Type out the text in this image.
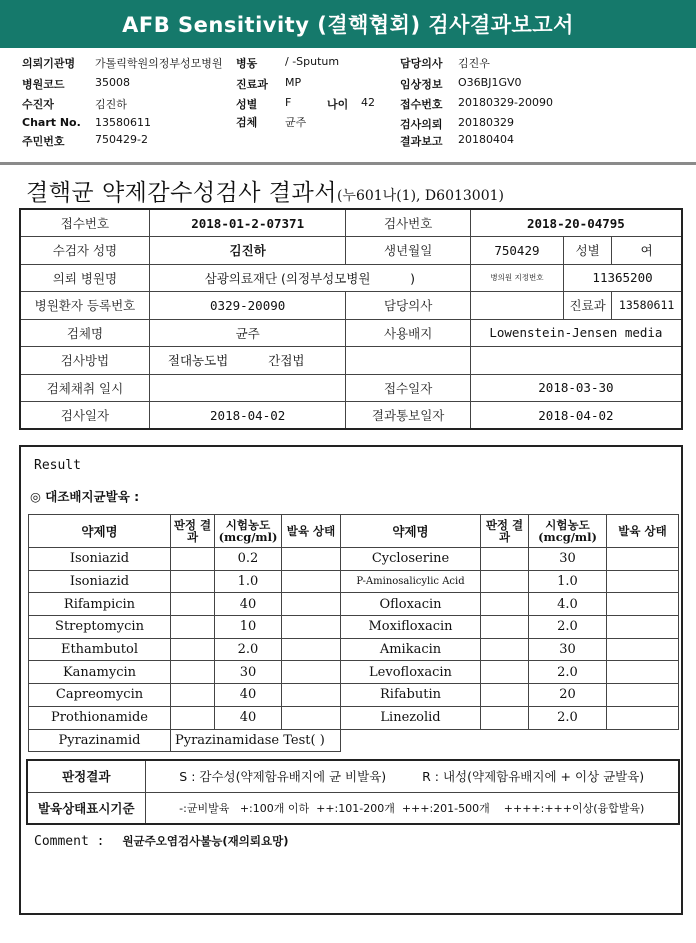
AFB Sensitivity (결핵협회) 검사결과보고서
의뢰기관명 가톨릭학원의정부성모병원 병동	/ -Sputum	담당의사 김진우
병원코드	35008	진료과 MP	임상정보 O36BJ1GV0
수진자	김진하	성별	F	나이 42 접수번호 20180329-20090
Chart No. 13580611	검체	균주	검사의뢰 20180329
주민번호	750429-2	결과보고 20180404
결핵균 약제감수성검사 결과서(누601나(1), D6013001)
접수번호	2018-01-2-07371	검사번호	2018-20-04795		
수검자 성명	김진하	생년월일	750429	성별	여
의뢰 병원명	삼광의료재단 (의정부성모병원          )		병의원 지정번호	11365200	
병원환자 등록번호	0329-20090	담당의사		진료과	13580611
검체명	균주	사용배지	Lowenstein-Jensen media		
검사방법	절대농도법 간접법				
검체채취 일시		접수일자	2018-03-30		
검사일자	2018-04-02	결과통보일자	2018-04-02		
Result
◎ 대조배지균발육 :
약제명	판정 결과	시험농도 (mcg/ml)	발육 상태	약제명	판정 결과	시험농도 (mcg/ml)	발육 상태
Isoniazid		0.2		Cycloserine		30	
Isoniazid		1.0		P-Aminosalicylic Acid		1.0	
Rifampicin		40		Ofloxacin		4.0	
Streptomycin		10		Moxifloxacin		2.0	
Ethambutol		2.0		Amikacin		30	
Kanamycin		30		Levofloxacin		2.0	
Capreomycin		40		Rifabutin		20	
Prothionamide		40		Linezolid		2.0	
Pyrazinamid	Pyrazinamidase Test( )						
판정결과	S : 감수성(약제함유배지에 균 비발육) R : 내성(약제함유배지에 + 이상 균발육)
발육상태표시기준	-:균비발육   +:100개 이하  ++:101-200개  +++:201-500개    ++++:+++이상(융합발육)
Comment : 원균주오염검사불능(재의뢰요망)
